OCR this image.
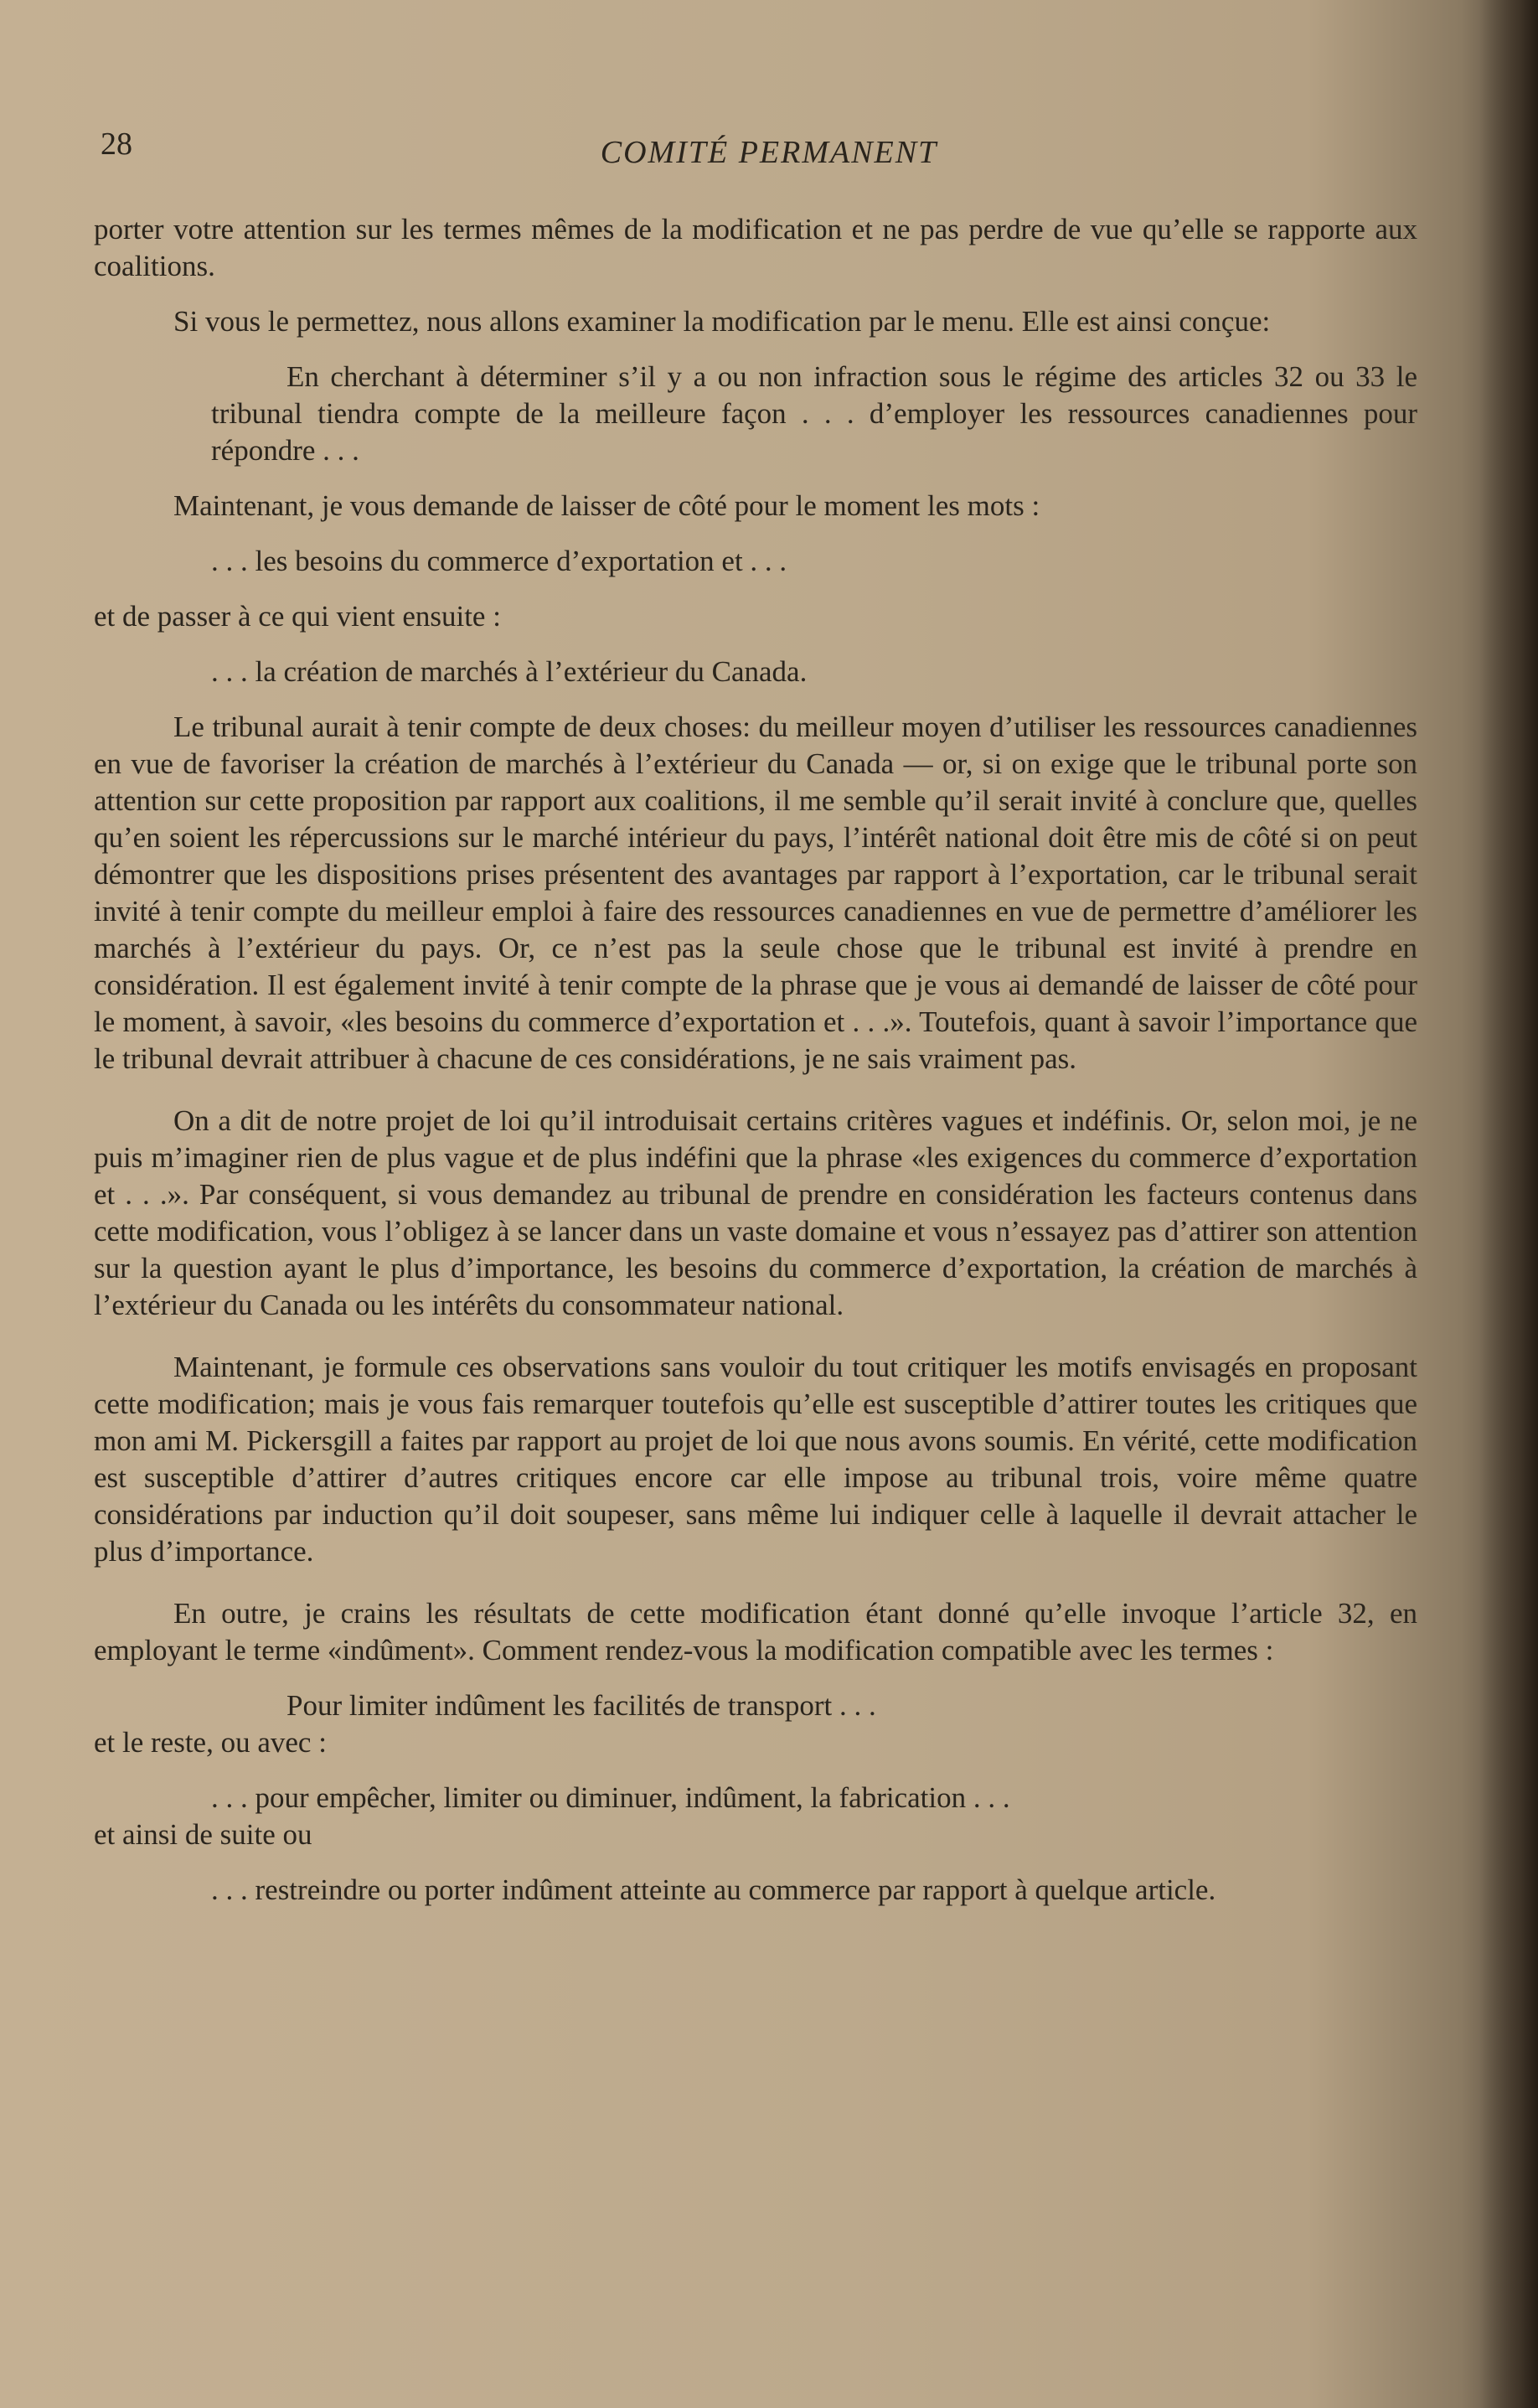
28	COMITÉ PERMANENT

porter votre attention sur les termes mêmes de la modification et ne pas perdre de vue qu’elle se rapporte aux coalitions.

Si vous le permettez, nous allons examiner la modification par le menu. Elle est ainsi conçue:

En cherchant à déterminer s’il y a ou non infraction sous le régime des articles 32 ou 33 le tribunal tiendra compte de la meilleure façon . . . d’employer les ressources canadiennes pour répondre . . .

Maintenant, je vous demande de laisser de côté pour le moment les mots :

. . . les besoins du commerce d’exportation et . . .

et de passer à ce qui vient ensuite :

. . . la création de marchés à l’extérieur du Canada.

Le tribunal aurait à tenir compte de deux choses: du meilleur moyen d’utiliser les ressources canadiennes en vue de favoriser la création de marchés à l’extérieur du Canada — or, si on exige que le tribunal porte son attention sur cette proposition par rapport aux coalitions, il me semble qu’il serait invité à conclure que, quelles qu’en soient les répercussions sur le marché intérieur du pays, l’intérêt national doit être mis de côté si on peut démontrer que les dispositions prises présentent des avantages par rapport à l’exportation, car le tribunal serait invité à tenir compte du meilleur emploi à faire des ressources canadiennes en vue de permettre d’améliorer les marchés à l’extérieur du pays. Or, ce n’est pas la seule chose que le tribunal est invité à prendre en considération. Il est également invité à tenir compte de la phrase que je vous ai demandé de laisser de côté pour le moment, à savoir, «les besoins du commerce d’exportation et . . .». Toutefois, quant à savoir l’importance que le tribunal devrait attribuer à chacune de ces considérations, je ne sais vraiment pas.

On a dit de notre projet de loi qu’il introduisait certains critères vagues et indéfinis. Or, selon moi, je ne puis m’imaginer rien de plus vague et de plus indéfini que la phrase «les exigences du commerce d’exportation et . . .». Par conséquent, si vous demandez au tribunal de prendre en considération les facteurs contenus dans cette modification, vous l’obligez à se lancer dans un vaste domaine et vous n’essayez pas d’attirer son attention sur la question ayant le plus d’importance, les besoins du commerce d’exportation, la création de marchés à l’extérieur du Canada ou les intérêts du consommateur national.

Maintenant, je formule ces observations sans vouloir du tout critiquer les motifs envisagés en proposant cette modification; mais je vous fais remarquer toutefois qu’elle est susceptible d’attirer toutes les critiques que mon ami M. Pickersgill a faites par rapport au projet de loi que nous avons soumis. En vérité, cette modification est susceptible d’attirer d’autres critiques encore car elle impose au tribunal trois, voire même quatre considérations par induction qu’il doit soupeser, sans même lui indiquer celle à laquelle il devrait attacher le plus d’importance.

En outre, je crains les résultats de cette modification étant donné qu’elle invoque l’article 32, en employant le terme «indûment». Comment rendez-vous la modification compatible avec les termes :

Pour limiter indûment les facilités de transport . . .

et le reste, ou avec :

. . . pour empêcher, limiter ou diminuer, indûment, la fabrication . . .

et ainsi de suite ou

. . . restreindre ou porter indûment atteinte au commerce par rapport à quelque article.
